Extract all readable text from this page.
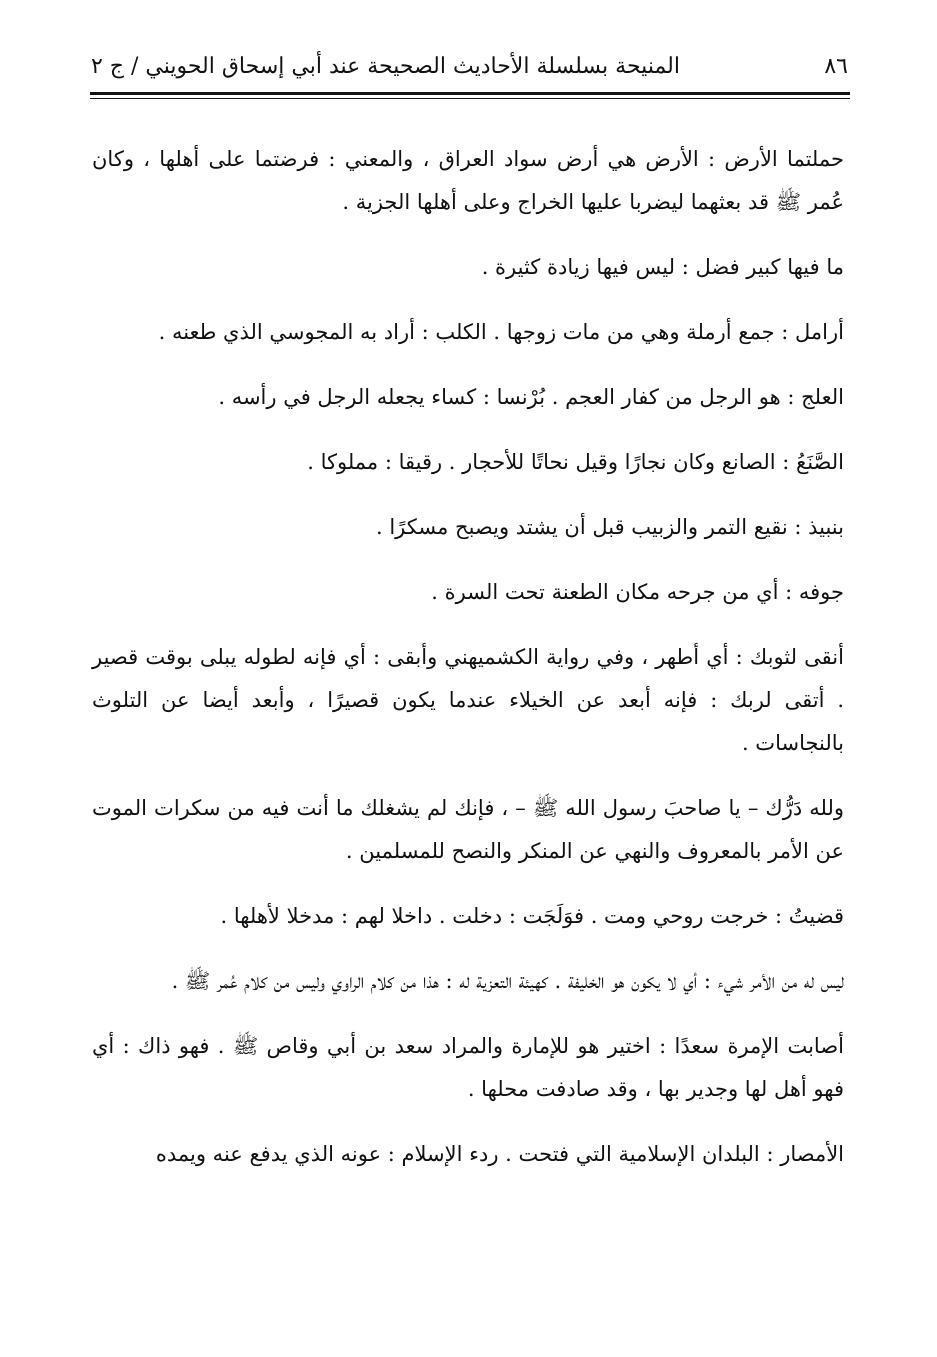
٨٦
المنيحة بسلسلة الأحاديث الصحيحة عند أبي إسحاق الحويني / ج ٢

حملتما الأرض : الأرض هي أرض سواد العراق ، والمعني : فرضتما على أهلها ، وكان عُمر ﷺ قد بعثهما ليضربا عليها الخراج وعلى أهلها الجزية .

ما فيها كبير فضل : ليس فيها زيادة كثيرة .

أرامل : جمع أرملة وهي من مات زوجها . الكلب : أراد به المجوسي الذي طعنه .

العلج : هو الرجل من كفار العجم . بُرْنسا : كساء يجعله الرجل في رأسه .

الصَّنَعُ : الصانع وكان نجارًا وقيل نحاتًا للأحجار . رقيقا : مملوكا .

بنبيذ : نقيع التمر والزبيب قبل أن يشتد ويصبح مسكرًا .

جوفه : أي من جرحه مكان الطعنة تحت السرة .

أنقى لثوبك : أي أطهر ، وفي رواية الكشميهني وأبقى : أي فإنه لطوله يبلى بوقت قصير . أتقى لربك : فإنه أبعد عن الخيلاء عندما يكون قصيرًا ، وأبعد أيضا عن التلوث بالنجاسات .

ولله دَرُّك – يا صاحبَ رسول الله ﷺ – ، فإنك لم يشغلك ما أنت فيه من سكرات الموت عن الأمر بالمعروف والنهي عن المنكر والنصح للمسلمين .

قضيتُ : خرجت روحي ومت . فوَلَجَت : دخلت . داخلا لهم : مدخلا لأهلها .

ليس له من الأمر شيء : أي لا يكون هو الخليفة . كهيئة التعزية له : هذا من كلام الراوي وليس من كلام عُمر ﷺ .

أصابت الإمرة سعدًا : اختير هو للإمارة والمراد سعد بن أبي وقاص ﷺ . فهو ذاك : أي فهو أهل لها وجدير بها ، وقد صادفت محلها .

الأمصار : البلدان الإسلامية التي فتحت . ردء الإسلام : عونه الذي يدفع عنه ويمده
